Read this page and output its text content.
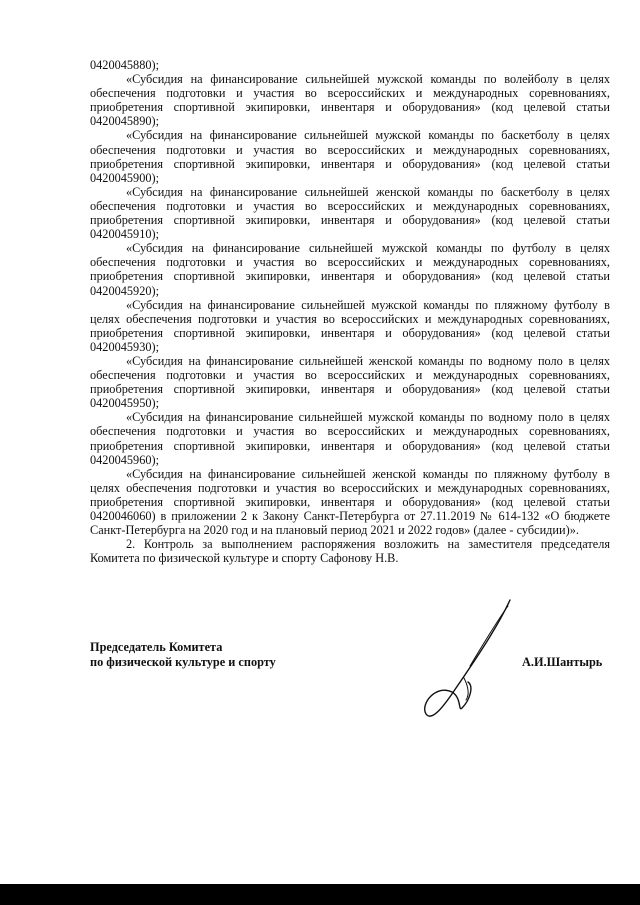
0420045880);

«Субсидия на финансирование сильнейшей мужской команды по волейболу в целях обеспечения подготовки и участия во всероссийских и международных соревнованиях, приобретения спортивной экипировки, инвентаря и оборудования» (код целевой статьи 0420045890);

«Субсидия на финансирование сильнейшей мужской команды по баскетболу в целях обеспечения подготовки и участия во всероссийских и международных соревнованиях, приобретения спортивной экипировки, инвентаря и оборудования» (код целевой статьи 0420045900);

«Субсидия на финансирование сильнейшей женской команды по баскетболу в целях обеспечения подготовки и участия во всероссийских и международных соревнованиях, приобретения спортивной экипировки, инвентаря и оборудования» (код целевой статьи 0420045910);

«Субсидия на финансирование сильнейшей мужской команды по футболу в целях обеспечения подготовки и участия во всероссийских и международных соревнованиях, приобретения спортивной экипировки, инвентаря и оборудования» (код целевой статьи 0420045920);

«Субсидия на финансирование сильнейшей мужской команды по пляжному футболу в целях обеспечения подготовки и участия во всероссийских и международных соревнованиях, приобретения спортивной экипировки, инвентаря и оборудования» (код целевой статьи 0420045930);

«Субсидия на финансирование сильнейшей женской команды по водному поло в целях обеспечения подготовки и участия во всероссийских и международных соревнованиях, приобретения спортивной экипировки, инвентаря и оборудования» (код целевой статьи 0420045950);

«Субсидия на финансирование сильнейшей мужской команды по водному поло в целях обеспечения подготовки и участия во всероссийских и международных соревнованиях, приобретения спортивной экипировки, инвентаря и оборудования» (код целевой статьи 0420045960);

«Субсидия на финансирование сильнейшей женской команды по пляжному футболу в целях обеспечения подготовки и участия во всероссийских и международных соревнованиях, приобретения спортивной экипировки, инвентаря и оборудования» (код целевой статьи 0420046060) в приложении 2 к Закону Санкт-Петербурга от 27.11.2019 № 614-132 «О бюджете Санкт-Петербурга на 2020 год и на плановый период 2021 и 2022 годов» (далее - субсидии)».

2. Контроль за выполнением распоряжения возложить на заместителя председателя Комитета по физической культуре и спорту Сафонову Н.В.

Председатель Комитета
по физической культуре и спорту	А.И.Шантырь
